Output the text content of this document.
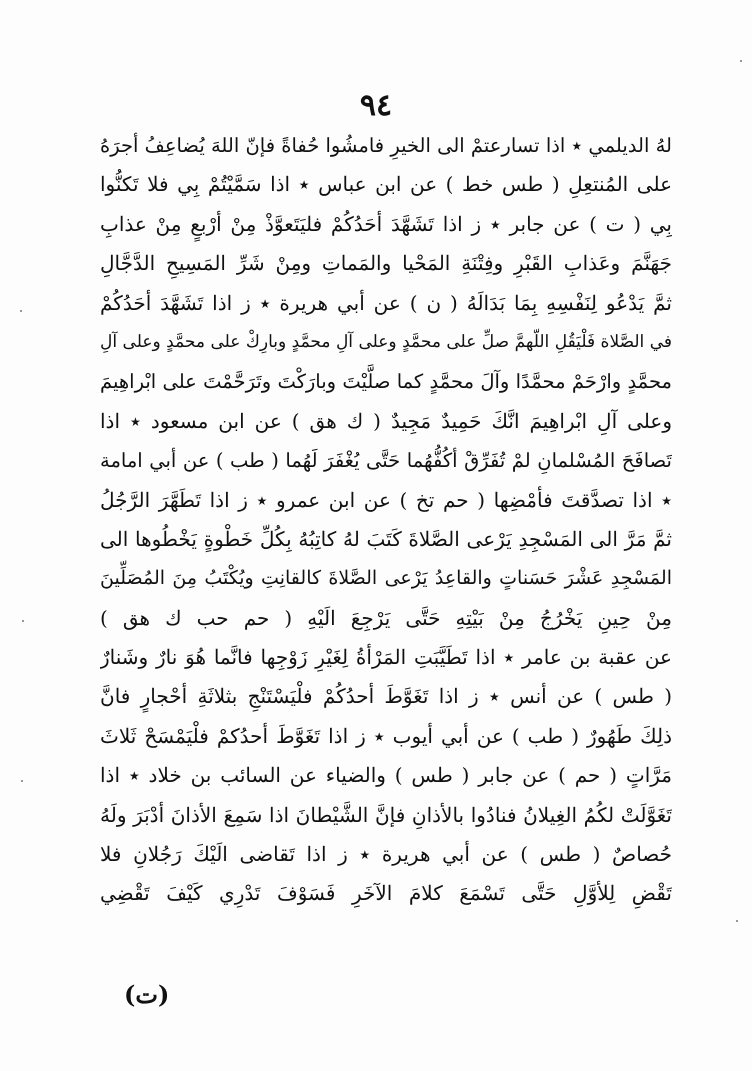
٩٤
لهُ الديلمي ٭ اذا تسارعتمْ الى الخيرِ فامشُوا حُفاةً فإنّ اللهَ يُضاعِفُ أجرَهُ
على المُنتعِلِ ( طس خط ) عن ابن عباس ٭ اذا سَمَّيْتُمْ بِي فلا تَكنُّوا
بِي ( ت ) عن جابر ٭ ز اذا تَشَهَّدَ أحَدُكُمْ فليَتَعوَّذْ مِنْ أرْبعٍ مِنْ عذابِ
جَهَنَّمَ وعَذابِ القَبْرِ وفِتْنَةِ المَحْيا والمَماتِ ومِنْ شَرِّ المَسِيحِ الدَّجَّالِ
ثمَّ يَدْعُو لِنَفْسِهِ بِمَا بَدَالَهُ ( ن ) عن أبي هريرة ٭ ز اذا تَشَهَّدَ أحَدُكُمْ
في الصَّلاة فَلْيَقُلِ اللّهمَّ صلِّ على محمَّدٍ وعلى آلِ محمَّدٍ وبارِكْ على محمَّدٍ وعلى آلِ
محمَّدٍ وارْحَمْ محمَّدًا وآلَ محمَّدٍ كما صلَّيْتَ وبارَكْتَ وتَرَحَّمْتَ على ابْراهِيمَ
وعلى آلِ ابْراهِيمَ انَّكَ حَمِيدٌ مَجِيدٌ ( ك هق ) عن ابن مسعود ٭ اذا
تَصافَحَ المُسْلمانِ لمْ تُفَرِّقْ أكُفُّهُما حَتَّى يُغْفَرَ لَهُما ( طب ) عن أبي امامة
٭ اذا تصدَّقتَ فأمْضِها ( حم تخ ) عن ابن عمرو ٭ ز اذا تَطَهَّرَ الرَّجُلُ
ثمَّ مَرَّ الى المَسْجِدِ يَرْعى الصَّلاةَ كَتَبَ لهُ كاتِبُهُ بِكُلِّ خَطْوةٍ يَخْطُوها الى
المَسْجِدِ عَشْرَ حَسَناتٍ والقاعِدُ يَرْعى الصَّلاةَ كالقانِتِ ويُكْتَبُ مِنَ المُصَلِّينَ
مِنْ حِينِ يَخْرُجُ مِنْ بَيْتِهِ حَتَّى يَرْجِعَ الَيْهِ ( حم حب ك هق )
عن عقبة بن عامر ٭ اذا تَطَيَّبَتِ المَرْأةُ لِغَيْرِ زَوْجِها فانَّما هُوَ نارٌ وشَنارٌ
( طس ) عن أنس ٭ ز اذا تَغَوَّطَ أحدُكُمْ فلْيَسْتَنْجِ بثلاثَةِ أحْجارٍ فانَّ
ذلِكَ طَهُورٌ ( طب ) عن أبي أيوب ٭ ز اذا تَغَوَّطَ أحدُكمْ فلْيَمْسَحْ ثَلاثَ
مَرَّاتٍ ( حم ) عن جابر ( طس ) والضياء عن السائب بن خلاد ٭ اذا
تَغَوَّلَتْ لكُمُ الغِيلانُ فنادُوا بالأذانِ فإنَّ الشَّيْطانَ اذا سَمِعَ الأذانَ أدْبَرَ ولَهُ
حُصاصٌ ( طس ) عن أبي هريرة ٭ ز اذا تَقاضى الَيْكَ رَجُلانِ فلا
تَقْضِ لِلأوَّلِ حَتَّى تَسْمَعَ كلامَ الآخَرِ فَسَوْفَ تَدْرِي كَيْفَ تَقْضِي
(ت)
